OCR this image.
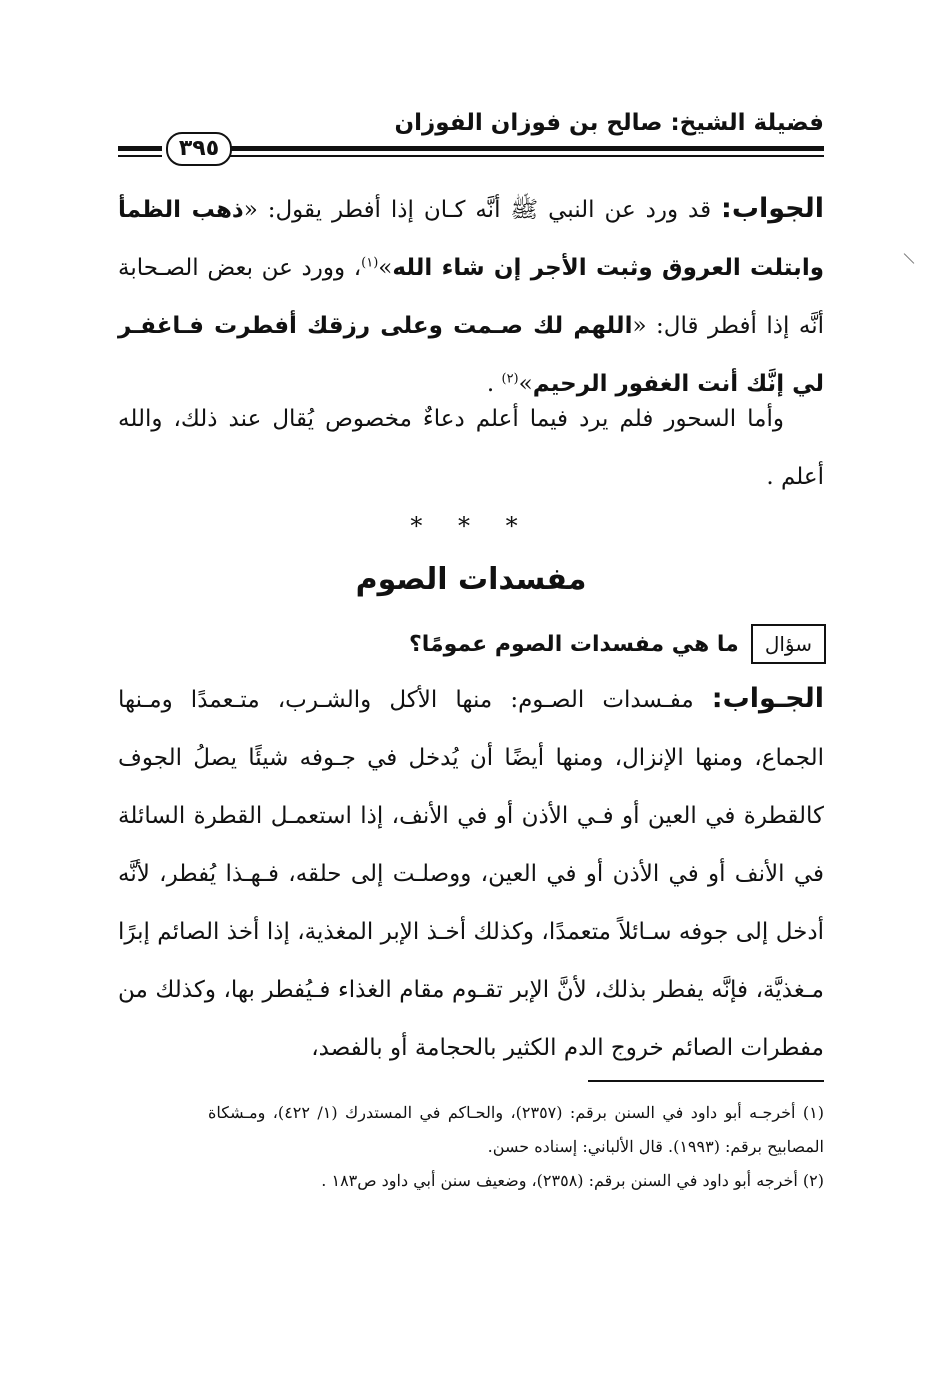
فضيلة الشيخ: صالح بن فوزان الفوزان
٣٩٥
الجواب: قد ورد عن النبي ﷺ أنَّه كـان إذا أفطر يقول: «ذهب الظمأ وابتلت العروق وثبت الأجر إن شاء الله»$^{(١)}$، وورد عن بعض الصـحابة أنَّه إذا أفطر قال: «اللهم لك صـمت وعلى رزقك أفطرت فـاغفـر لي إنَّك أنت الغفور الرحيم»$^{(٢)}$ .
وأما السحور فلم يرد فيما أعلم دعاءٌ مخصوص يُقال عند ذلك، والله أعلم .
* * *
مفسدات الصوم
سؤال
ما هي مفسدات الصوم عمومًا؟
الجـواب: مفـسدات الصـوم: منها الأكل والشـرب، متـعمدًا ومـنها الجماع، ومنها الإنزال، ومنها أيضًا أن يُدخل في جـوفه شيئًا يصلُ الجوف كالقطرة في العين أو فـي الأذن أو في الأنف، إذا استعمـل القطرة السائلة في الأنف أو في الأذن أو في العين، ووصلـت إلى حلقه، فـهـذا يُفطر، لأنَّه أدخل إلى جوفه سـائلاً متعمدًا، وكذلك أخـذ الإبر المغذية، إذا أخذ الصائم إبرًا مـغذيَّة، فإنَّه يفطر بذلك، لأنَّ الإبر تقـوم مقام الغذاء فـيُفطر بها، وكذلك من مفطرات الصائم خروج الدم الكثير بالحجامة أو بالفصد،

(١) أخرجـه أبو داود في السنن برقم: (٢٣٥٧)، والحـاكم في المستدرك (١/ ٤٢٢)، ومـشكاة المصابيح برقم: (١٩٩٣). قال الألباني: إسناده حسن.

(٢) أخرجه أبو داود في السنن برقم: (٢٣٥٨)، وضعيف سنن أبي داود ص١٨٣ .
